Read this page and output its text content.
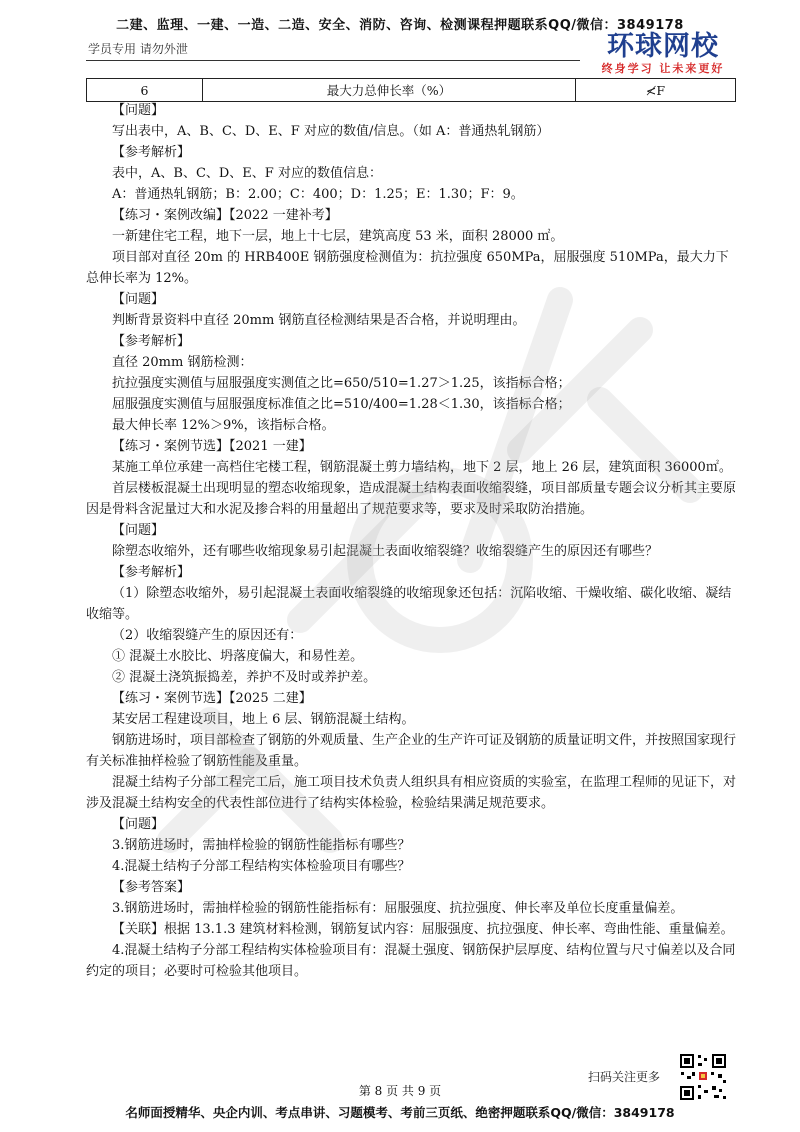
二建、监理、一建、一造、二造、安全、消防、咨询、检测课程押题联系QQ/微信：3849178
学员专用 请勿外泄	环球网校
终身学习 让未来更好
6	最大力总伸长率（%）	≮F
【问题】
写出表中，A、B、C、D、E、F 对应的数值/信息。（如 A：普通热轧钢筋）
【参考解析】
表中，A、B、C、D、E、F 对应的数值信息：
A：普通热轧钢筋；B：2.00；C：400；D：1.25；E：1.30；F：9。
【练习・案例改编】【2022 一建补考】
一新建住宅工程，地下一层，地上十七层，建筑高度 53 米，面积 28000 ㎡。
项目部对直径 20m 的 HRB400E 钢筋强度检测值为：抗拉强度 650MPa，屈服强度 510MPa，最大力下总伸长率为 12%。
【问题】
判断背景资料中直径 20mm 钢筋直径检测结果是否合格，并说明理由。
【参考解析】
直径 20mm 钢筋检测：
抗拉强度实测值与屈服强度实测值之比=650/510=1.27＞1.25，该指标合格；
屈服强度实测值与屈服强度标准值之比=510/400=1.28＜1.30，该指标合格；
最大伸长率 12%＞9%，该指标合格。
【练习・案例节选】【2021 一建】
某施工单位承建一高档住宅楼工程，钢筋混凝土剪力墙结构，地下 2 层，地上 26 层，建筑面积 36000㎡。
首层楼板混凝土出现明显的塑态收缩现象，造成混凝土结构表面收缩裂缝，项目部质量专题会议分析其主要原因是骨料含泥量过大和水泥及掺合料的用量超出了规范要求等，要求及时采取防治措施。
【问题】
除塑态收缩外，还有哪些收缩现象易引起混凝土表面收缩裂缝？收缩裂缝产生的原因还有哪些？
【参考解析】
（1）除塑态收缩外，易引起混凝土表面收缩裂缝的收缩现象还包括：沉陷收缩、干燥收缩、碳化收缩、凝结收缩等。
（2）收缩裂缝产生的原因还有：
① 混凝土水胶比、坍落度偏大，和易性差。
② 混凝土浇筑振捣差，养护不及时或养护差。
【练习・案例节选】【2025 二建】
某安居工程建设项目，地上 6 层、钢筋混凝土结构。
钢筋进场时，项目部检查了钢筋的外观质量、生产企业的生产许可证及钢筋的质量证明文件，并按照国家现行有关标准抽样检验了钢筋性能及重量。
混凝土结构子分部工程完工后，施工项目技术负责人组织具有相应资质的实验室，在监理工程师的见证下，对涉及混凝土结构安全的代表性部位进行了结构实体检验，检验结果满足规范要求。
【问题】
3.钢筋进场时，需抽样检验的钢筋性能指标有哪些？
4.混凝土结构子分部工程结构实体检验项目有哪些？
【参考答案】
3.钢筋进场时，需抽样检验的钢筋性能指标有：屈服强度、抗拉强度、伸长率及单位长度重量偏差。
【关联】根据 13.1.3 建筑材料检测，钢筋复试内容：屈服强度、抗拉强度、伸长率、弯曲性能、重量偏差。
4.混凝土结构子分部工程结构实体检验项目有：混凝土强度、钢筋保护层厚度、结构位置与尺寸偏差以及合同约定的项目；必要时可检验其他项目。
扫码关注更多
第 8 页 共 9 页
名师面授精华、央企内训、考点串讲、习题模考、考前三页纸、绝密押题联系QQ/微信：3849178
